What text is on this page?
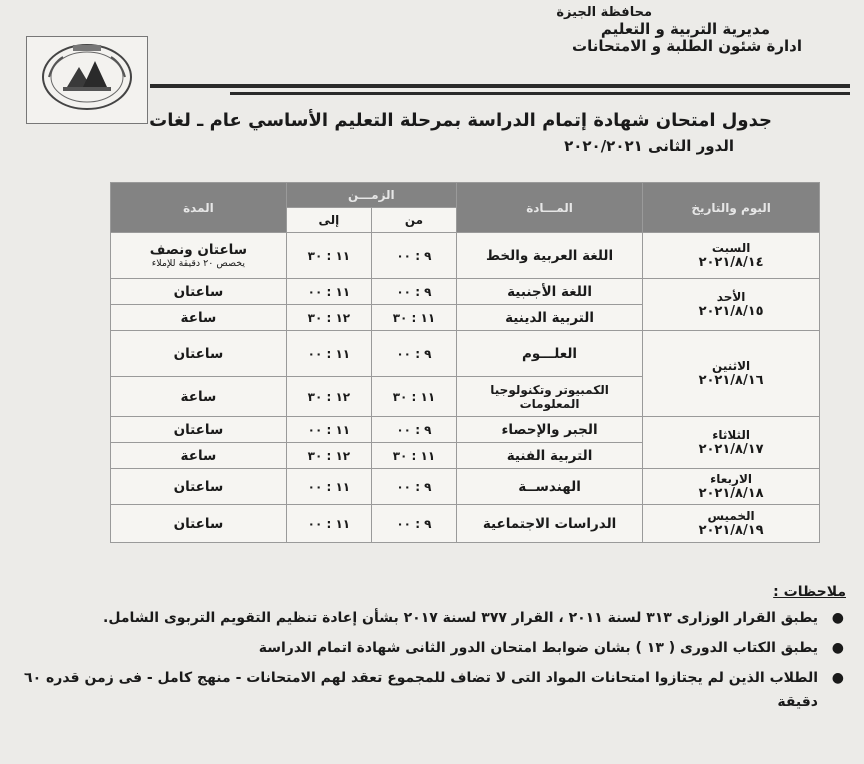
محافظة الجيزة
مديرية التربية و التعليم
ادارة شئون الطلبة و الامتحانات
جدول امتحان شهادة إتمام الدراسة بمرحلة التعليم الأساسي عام ـ لغات
الدور الثانى ٢٠٢٠/٢٠٢١
اليوم والتاريخ	المـــادة	الزمـــن		المدة
		من	إلى	

السبت
٢٠٢١/٨/١٤	اللغة العربية والخط	٩ : ٠٠	١١ : ٣٠	ساعتان ونصف
يخصص ٢٠ دقيقة للإملاء

الأحد
٢٠٢١/٨/١٥	اللغة الأجنبية	٩ : ٠٠	١١ : ٠٠	ساعتان
	التربية الدينية	١١ : ٣٠	١٢ : ٣٠	ساعة

الاثنين
٢٠٢١/٨/١٦	العلـــوم	٩ : ٠٠	١١ : ٠٠	ساعتان
	الكمبيوتر وتكنولوجيا المعلومات	١١ : ٣٠	١٢ : ٣٠	ساعة

الثلاثاء
٢٠٢١/٨/١٧	الجبر والإحصاء	٩ : ٠٠	١١ : ٠٠	ساعتان
	التربية الفنية	١١ : ٣٠	١٢ : ٣٠	ساعة

الاربعاء
٢٠٢١/٨/١٨	الهندســة	٩ : ٠٠	١١ : ٠٠	ساعتان

الخميس
٢٠٢١/٨/١٩	الدراسات الاجتماعية	٩ : ٠٠	١١ : ٠٠	ساعتان
ملاحظات :
●
يطبق القرار الوزارى ٣١٣ لسنة ٢٠١١ ، القرار ٣٧٧ لسنة ٢٠١٧ بشأن إعادة تنظيم التقويم التربوى الشامل.
●
يطبق الكتاب الدورى ( ١٣ ) بشان ضوابط امتحان الدور الثانى شهادة اتمام الدراسة
●
الطلاب الذين لم يجتازوا امتحانات المواد التى لا تضاف للمجموع تعقد لهم الامتحانات - منهج كامل - فى زمن قدره ٦٠ دقيقة
